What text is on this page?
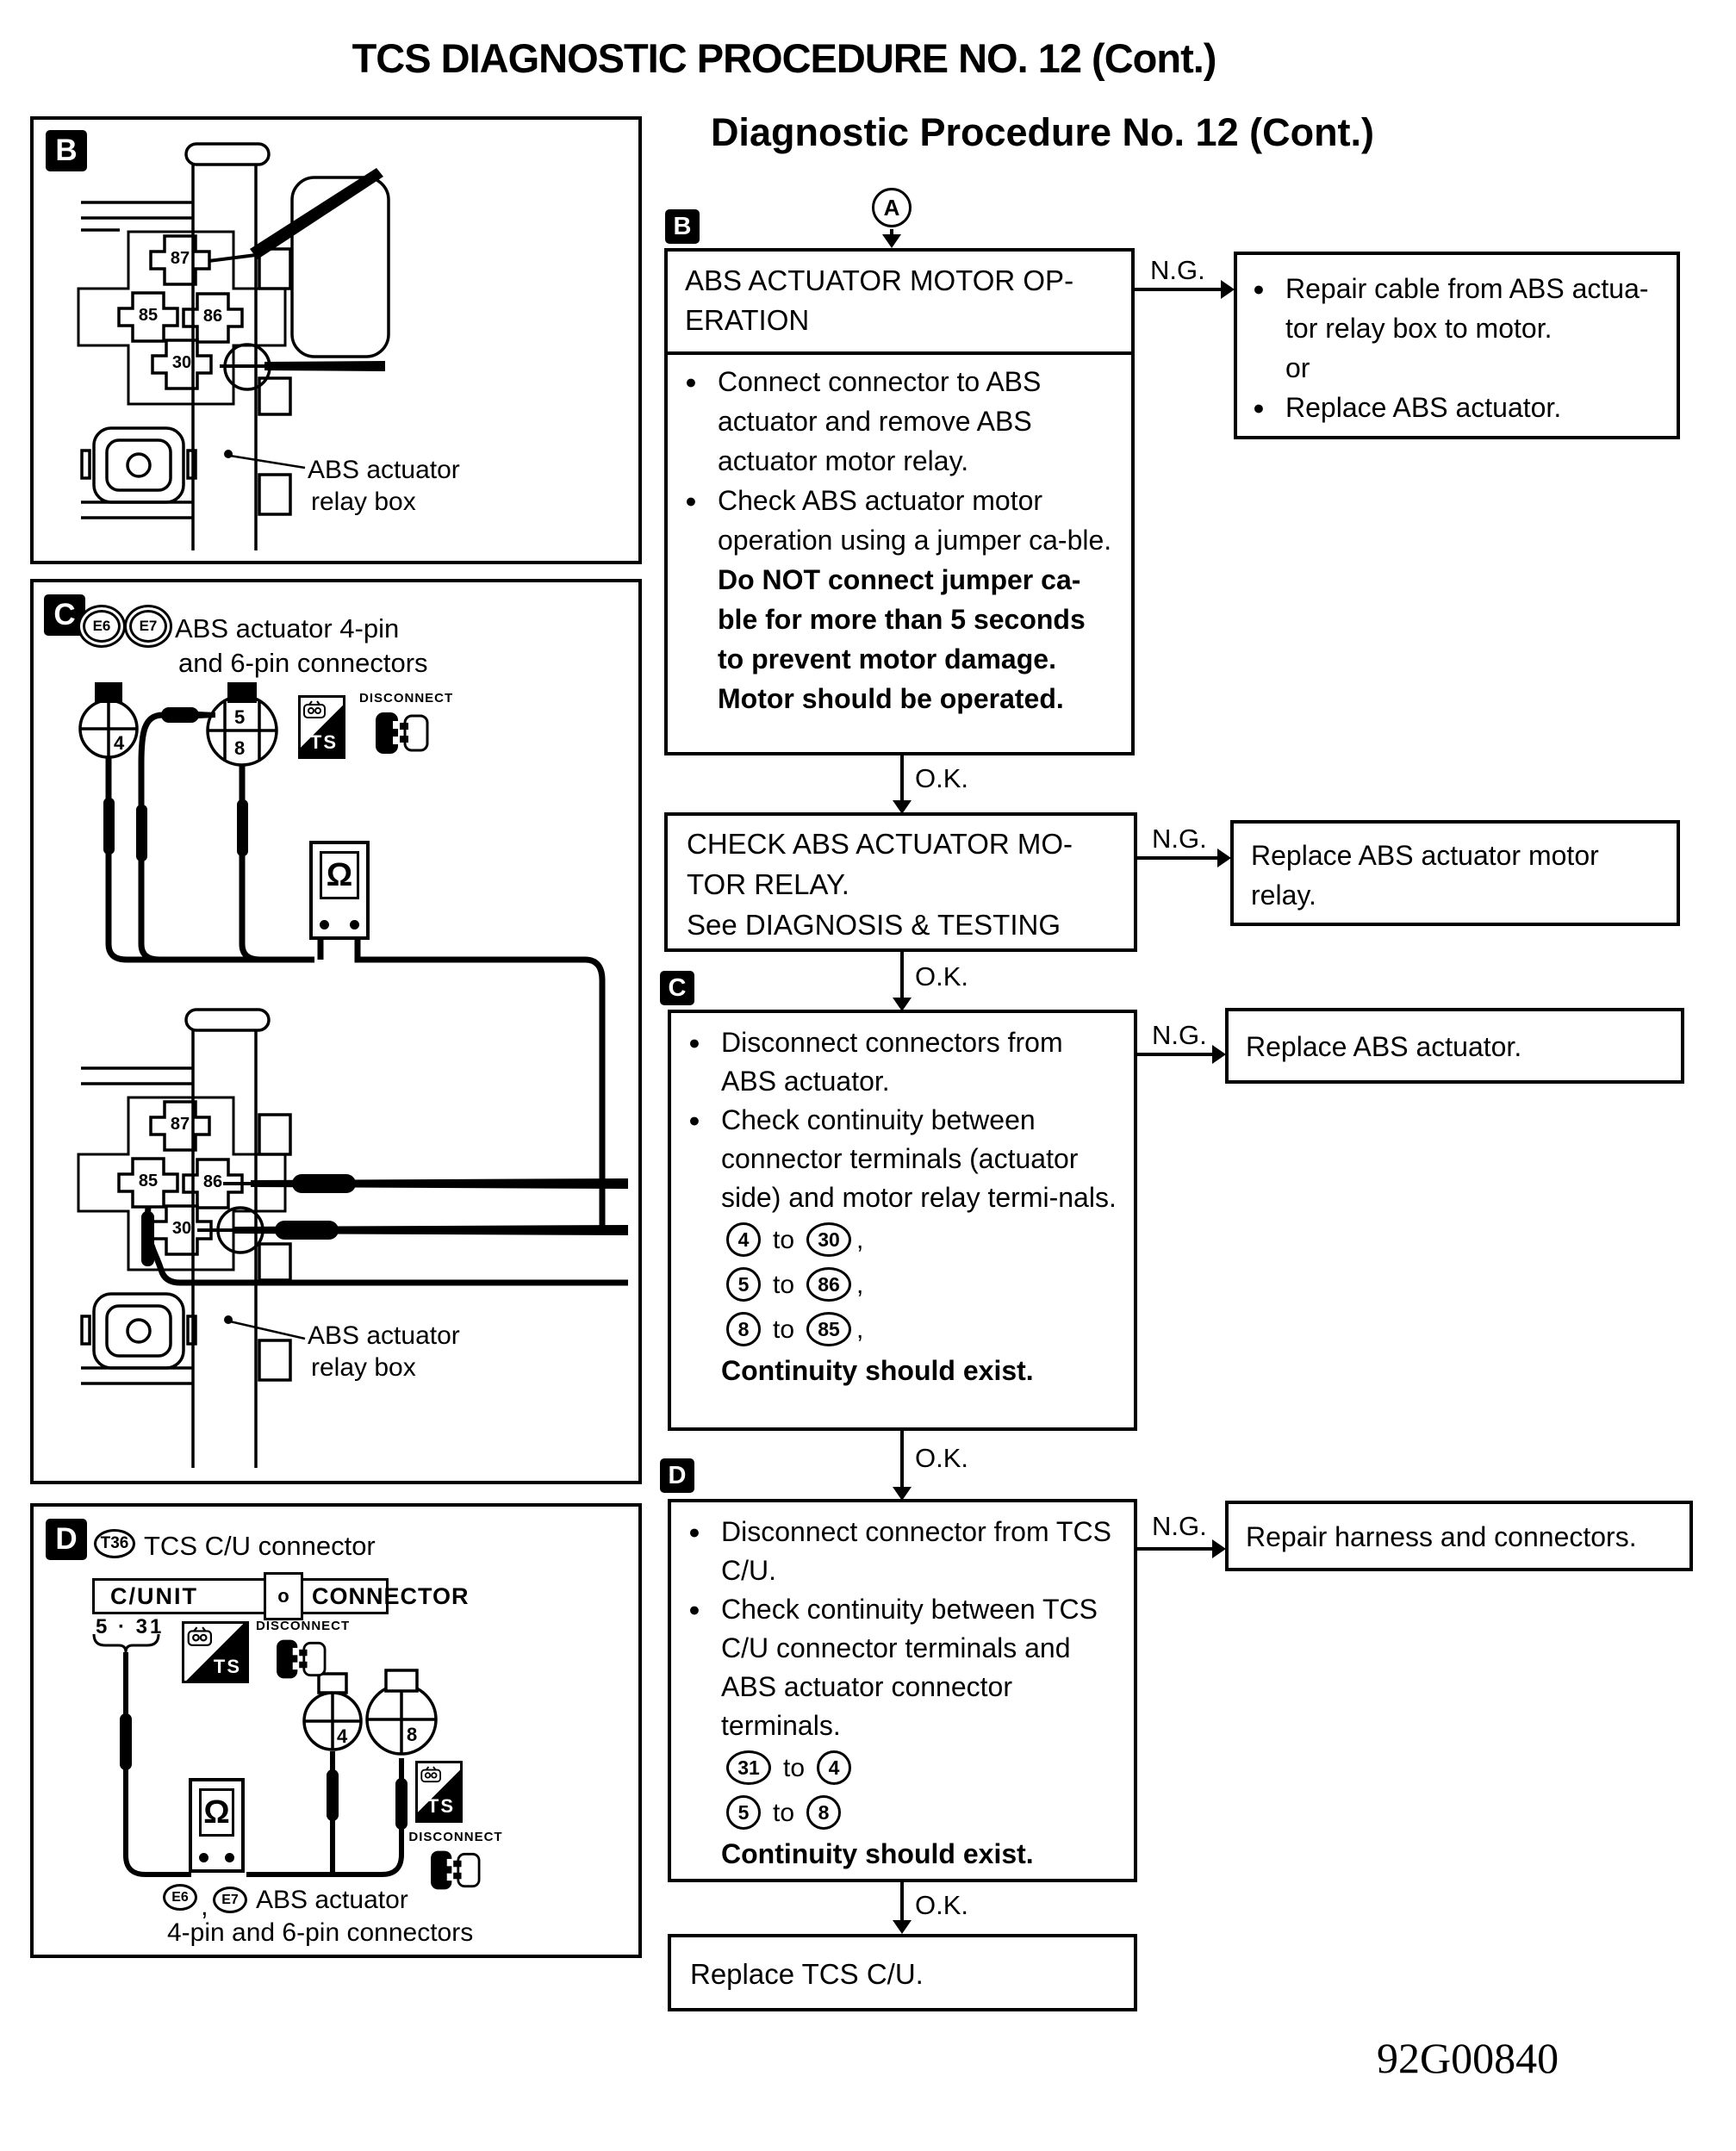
TCS DIAGNOSTIC PROCEDURE NO. 12 (Cont.)
Diagnostic Procedure No. 12 (Cont.)
B
87
85	86
30
ABS actuator
relay box
C	E6	E7 ABS actuator 4-pin
and 6-pin connectors
4
5
8	TS
DISCONNECT
Ω
87
85	86
30
ABS actuator
relay box
D	T36 TCS C/U connector
C/UNIT	o CONNECTOR
5 · 31
TS
DISCONNECT
4	8
TS
DISCONNECT
Ω
E6 , E7 ABS actuator
4-pin and 6-pin connectors
A
B
ABS ACTUATOR MOTOR OP-
ERATION
● Connect connector to ABS actuator and remove ABS actuator motor relay.
● Check ABS actuator motor operation using a jumper ca-ble.
Do NOT connect jumper ca-ble for more than 5 seconds to prevent motor damage.
Motor should be operated.
N.G.
● Repair cable from ABS actua-tor relay box to motor.
or
● Replace ABS actuator.
O.K.
CHECK ABS ACTUATOR MO-
TOR RELAY.
See DIAGNOSIS & TESTING
N.G.
Replace ABS actuator motor relay.
O.K.
C
● Disconnect connectors from ABS actuator.
● Check continuity between connector terminals (actuator side) and motor relay termi-nals.
4 to	30 ,
5 to	86 ,
8 to	85 ,
Continuity should exist.
N.G. Replace ABS actuator.
O.K.
D
● Disconnect connector from TCS C/U.
● Check continuity between TCS C/U connector terminals and ABS actuator connector terminals.
31 to	4
5 to	8
Continuity should exist.
N.G. Repair harness and connectors.
O.K.
Replace TCS C/U.
92G00840
